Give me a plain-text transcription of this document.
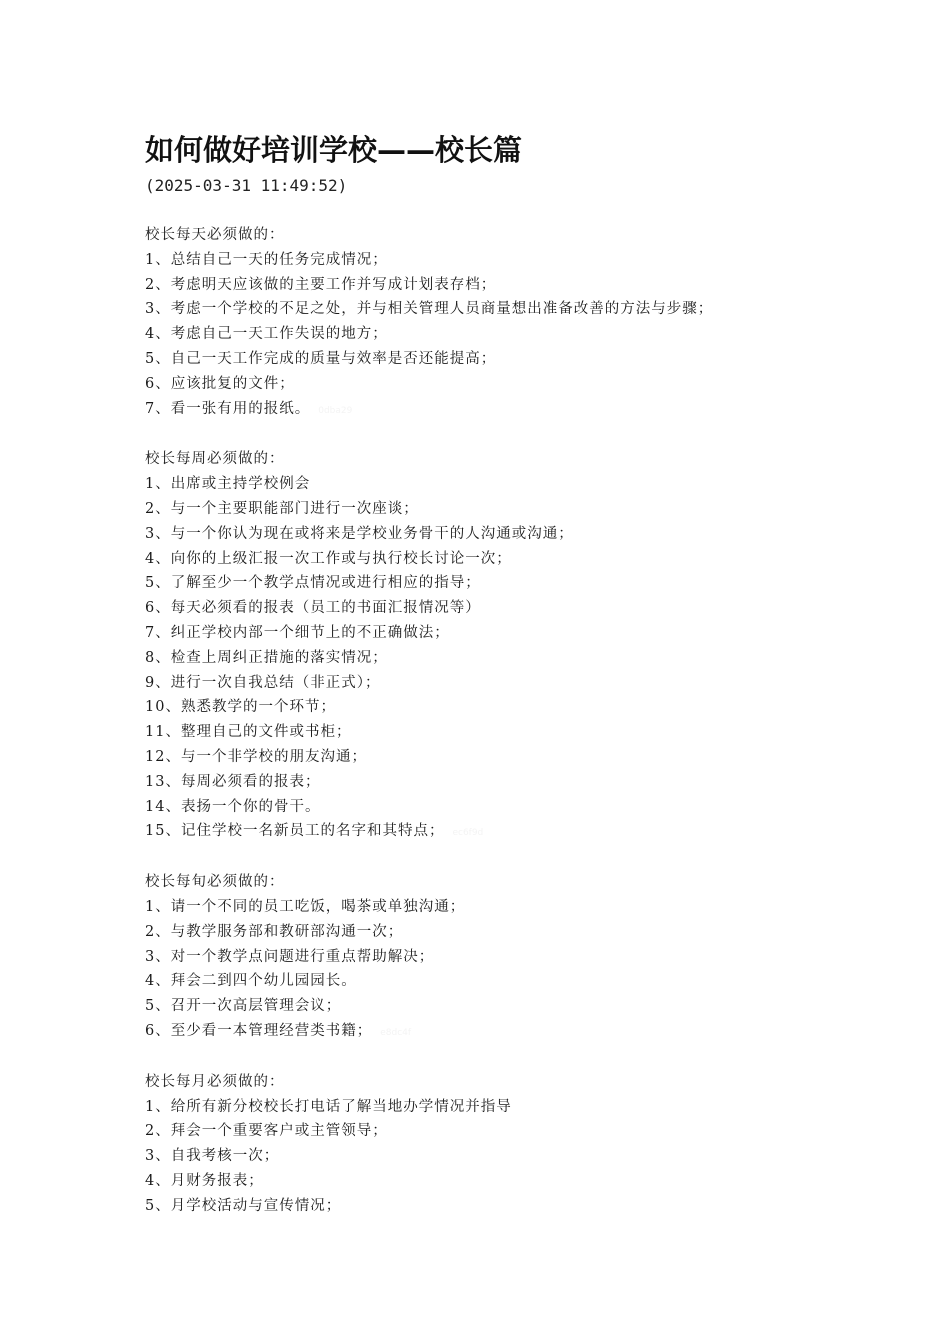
如何做好培训学校——校长篇
(2025-03-31 11:49:52)
校长每天必须做的：
1、总结自己一天的任务完成情况；
2、考虑明天应该做的主要工作并写成计划表存档；
3、考虑一个学校的不足之处，并与相关管理人员商量想出准备改善的方法与步骤；
4、考虑自己一天工作失误的地方；
5、自己一天工作完成的质量与效率是否还能提高；
6、应该批复的文件；
7、看一张有用的报纸。 0dba29
校长每周必须做的：
1、出席或主持学校例会
2、与一个主要职能部门进行一次座谈；
3、与一个你认为现在或将来是学校业务骨干的人沟通或沟通；
4、向你的上级汇报一次工作或与执行校长讨论一次；
5、了解至少一个教学点情况或进行相应的指导；
6、每天必须看的报表（员工的书面汇报情况等）
7、纠正学校内部一个细节上的不正确做法；
8、检查上周纠正措施的落实情况；
9、进行一次自我总结（非正式）；
10、熟悉教学的一个环节；
11、整理自己的文件或书柜；
12、与一个非学校的朋友沟通；
13、每周必须看的报表；
14、表扬一个你的骨干。
15、记住学校一名新员工的名字和其特点； ec6f9d
校长每旬必须做的：
1、请一个不同的员工吃饭，喝茶或单独沟通；
2、与教学服务部和教研部沟通一次；
3、对一个教学点问题进行重点帮助解决；
4、拜会二到四个幼儿园园长。
5、召开一次高层管理会议；
6、至少看一本管理经营类书籍； e8dc4f
校长每月必须做的：
1、给所有新分校校长打电话了解当地办学情况并指导
2、拜会一个重要客户或主管领导；
3、自我考核一次；
4、月财务报表；
5、月学校活动与宣传情况；
